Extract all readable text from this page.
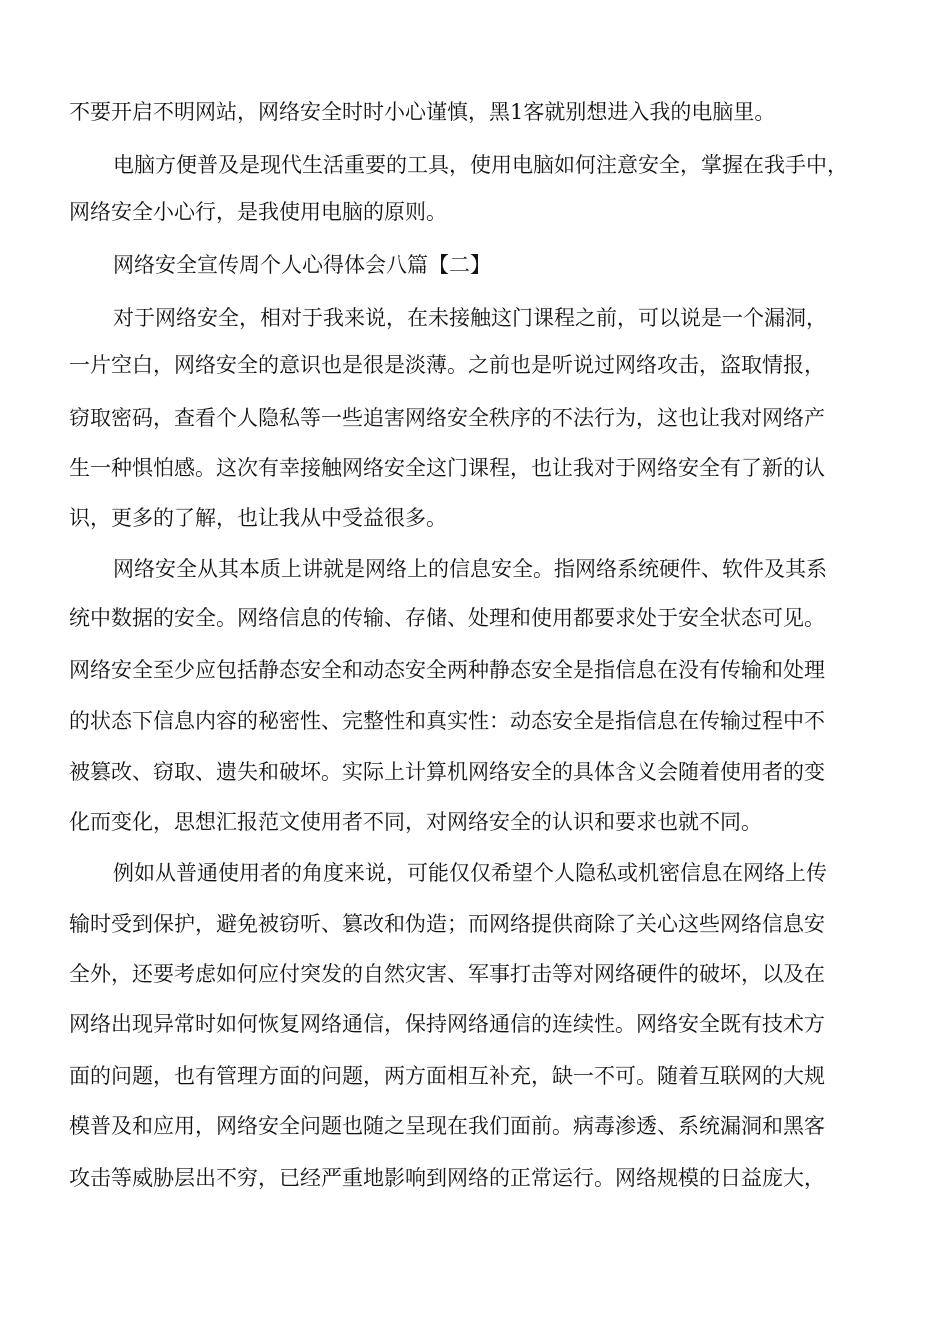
不要开启不明网站，网络安全时时小心谨慎，黑1客就别想进入我的电脑里。
电脑方便普及是现代生活重要的工具，使用电脑如何注意安全，掌握在我手中，
网络安全小心行，是我使用电脑的原则。
网络安全宣传周个人心得体会八篇【二】
对于网络安全，相对于我来说，在未接触这门课程之前，可以说是一个漏洞，
一片空白，网络安全的意识也是很是淡薄。之前也是听说过网络攻击，盗取情报，
窃取密码，查看个人隐私等一些追害网络安全秩序的不法行为，这也让我对网络产
生一种惧怕感。这次有幸接触网络安全这门课程，也让我对于网络安全有了新的认
识，更多的了解，也让我从中受益很多。
网络安全从其本质上讲就是网络上的信息安全。指网络系统硬件、软件及其系
统中数据的安全。网络信息的传输、存储、处理和使用都要求处于安全状态可见。
网络安全至少应包括静态安全和动态安全两种静态安全是指信息在没有传输和处理
的状态下信息内容的秘密性、完整性和真实性：动态安全是指信息在传输过程中不
被篡改、窃取、遗失和破坏。实际上计算机网络安全的具体含义会随着使用者的变
化而变化，思想汇报范文使用者不同，对网络安全的认识和要求也就不同。
例如从普通使用者的角度来说，可能仅仅希望个人隐私或机密信息在网络上传
输时受到保护，避免被窃听、篡改和伪造；而网络提供商除了关心这些网络信息安
全外，还要考虑如何应付突发的自然灾害、军事打击等对网络硬件的破坏，以及在
网络出现异常时如何恢复网络通信，保持网络通信的连续性。网络安全既有技术方
面的问题，也有管理方面的问题，两方面相互补充，缺一不可。随着互联网的大规
模普及和应用，网络安全问题也随之呈现在我们面前。病毒渗透、系统漏洞和黑客
攻击等威胁层出不穷，已经严重地影响到网络的正常运行。网络规模的日益庞大，
